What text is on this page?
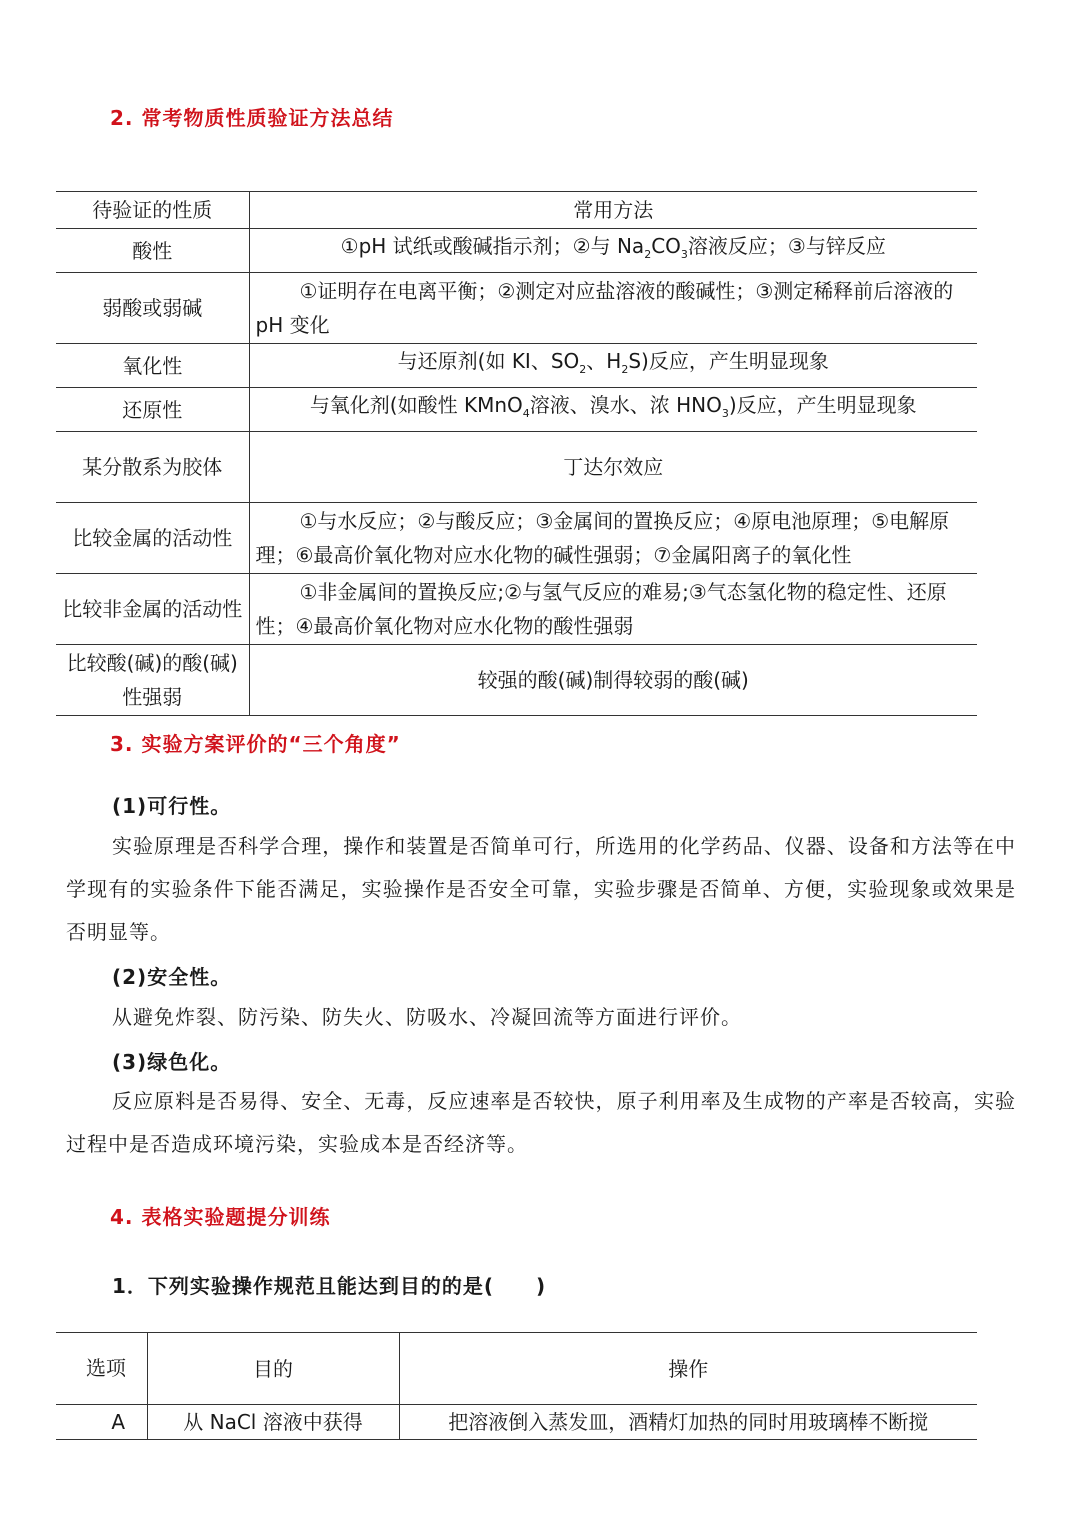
2. 常考物质性质验证方法总结
待验证的性质	常用方法
酸性	①pH 试纸或酸碱指示剂；②与 $Na_2CO_3$溶液反应；③与锌反应
弱酸或弱碱	①证明存在电离平衡；②测定对应盐溶液的酸碱性；③测定稀释前后溶液的 pH 变化
氧化性	与还原剂(如 KI、$SO_2$、$H_2S$)反应，产生明显现象
还原性	与氧化剂(如酸性 KMnO$_4$溶液、溴水、浓 $HNO_3$)反应，产生明显现象
某分散系为胶体	丁达尔效应
比较金属的活动性	①与水反应；②与酸反应；③金属间的置换反应；④原电池原理；⑤电解原理；⑥最高价氧化物对应水化物的碱性强弱；⑦金属阳离子的氧化性
比较非金属的活动性	①非金属间的置换反应;②与氢气反应的难易;③气态氢化物的稳定性、还原性；④最高价氧化物对应水化物的酸性强弱
比较酸(碱)的酸(碱)性强弱	较强的酸(碱)制得较弱的酸(碱)
3. 实验方案评价的“三个角度”

(1)可行性。

实验原理是否科学合理，操作和装置是否简单可行，所选用的化学药品、仪器、设备和方法等在中学现有的实验条件下能否满足，实验操作是否安全可靠，实验步骤是否简单、方便，实验现象或效果是否明显等。

(2)安全性。

从避免炸裂、防污染、防失火、防吸水、冷凝回流等方面进行评价。

(3)绿色化。

反应原料是否易得、安全、无毒，反应速率是否较快，原子利用率及生成物的产率是否较高，实验过程中是否造成环境污染，实验成本是否经济等。

4. 表格实验题提分训练

1．下列实验操作规范且能达到目的的是(　　)

选项	目的	操作
A	从 NaCl 溶液中获得	把溶液倒入蒸发皿，酒精灯加热的同时用玻璃棒不断搅
